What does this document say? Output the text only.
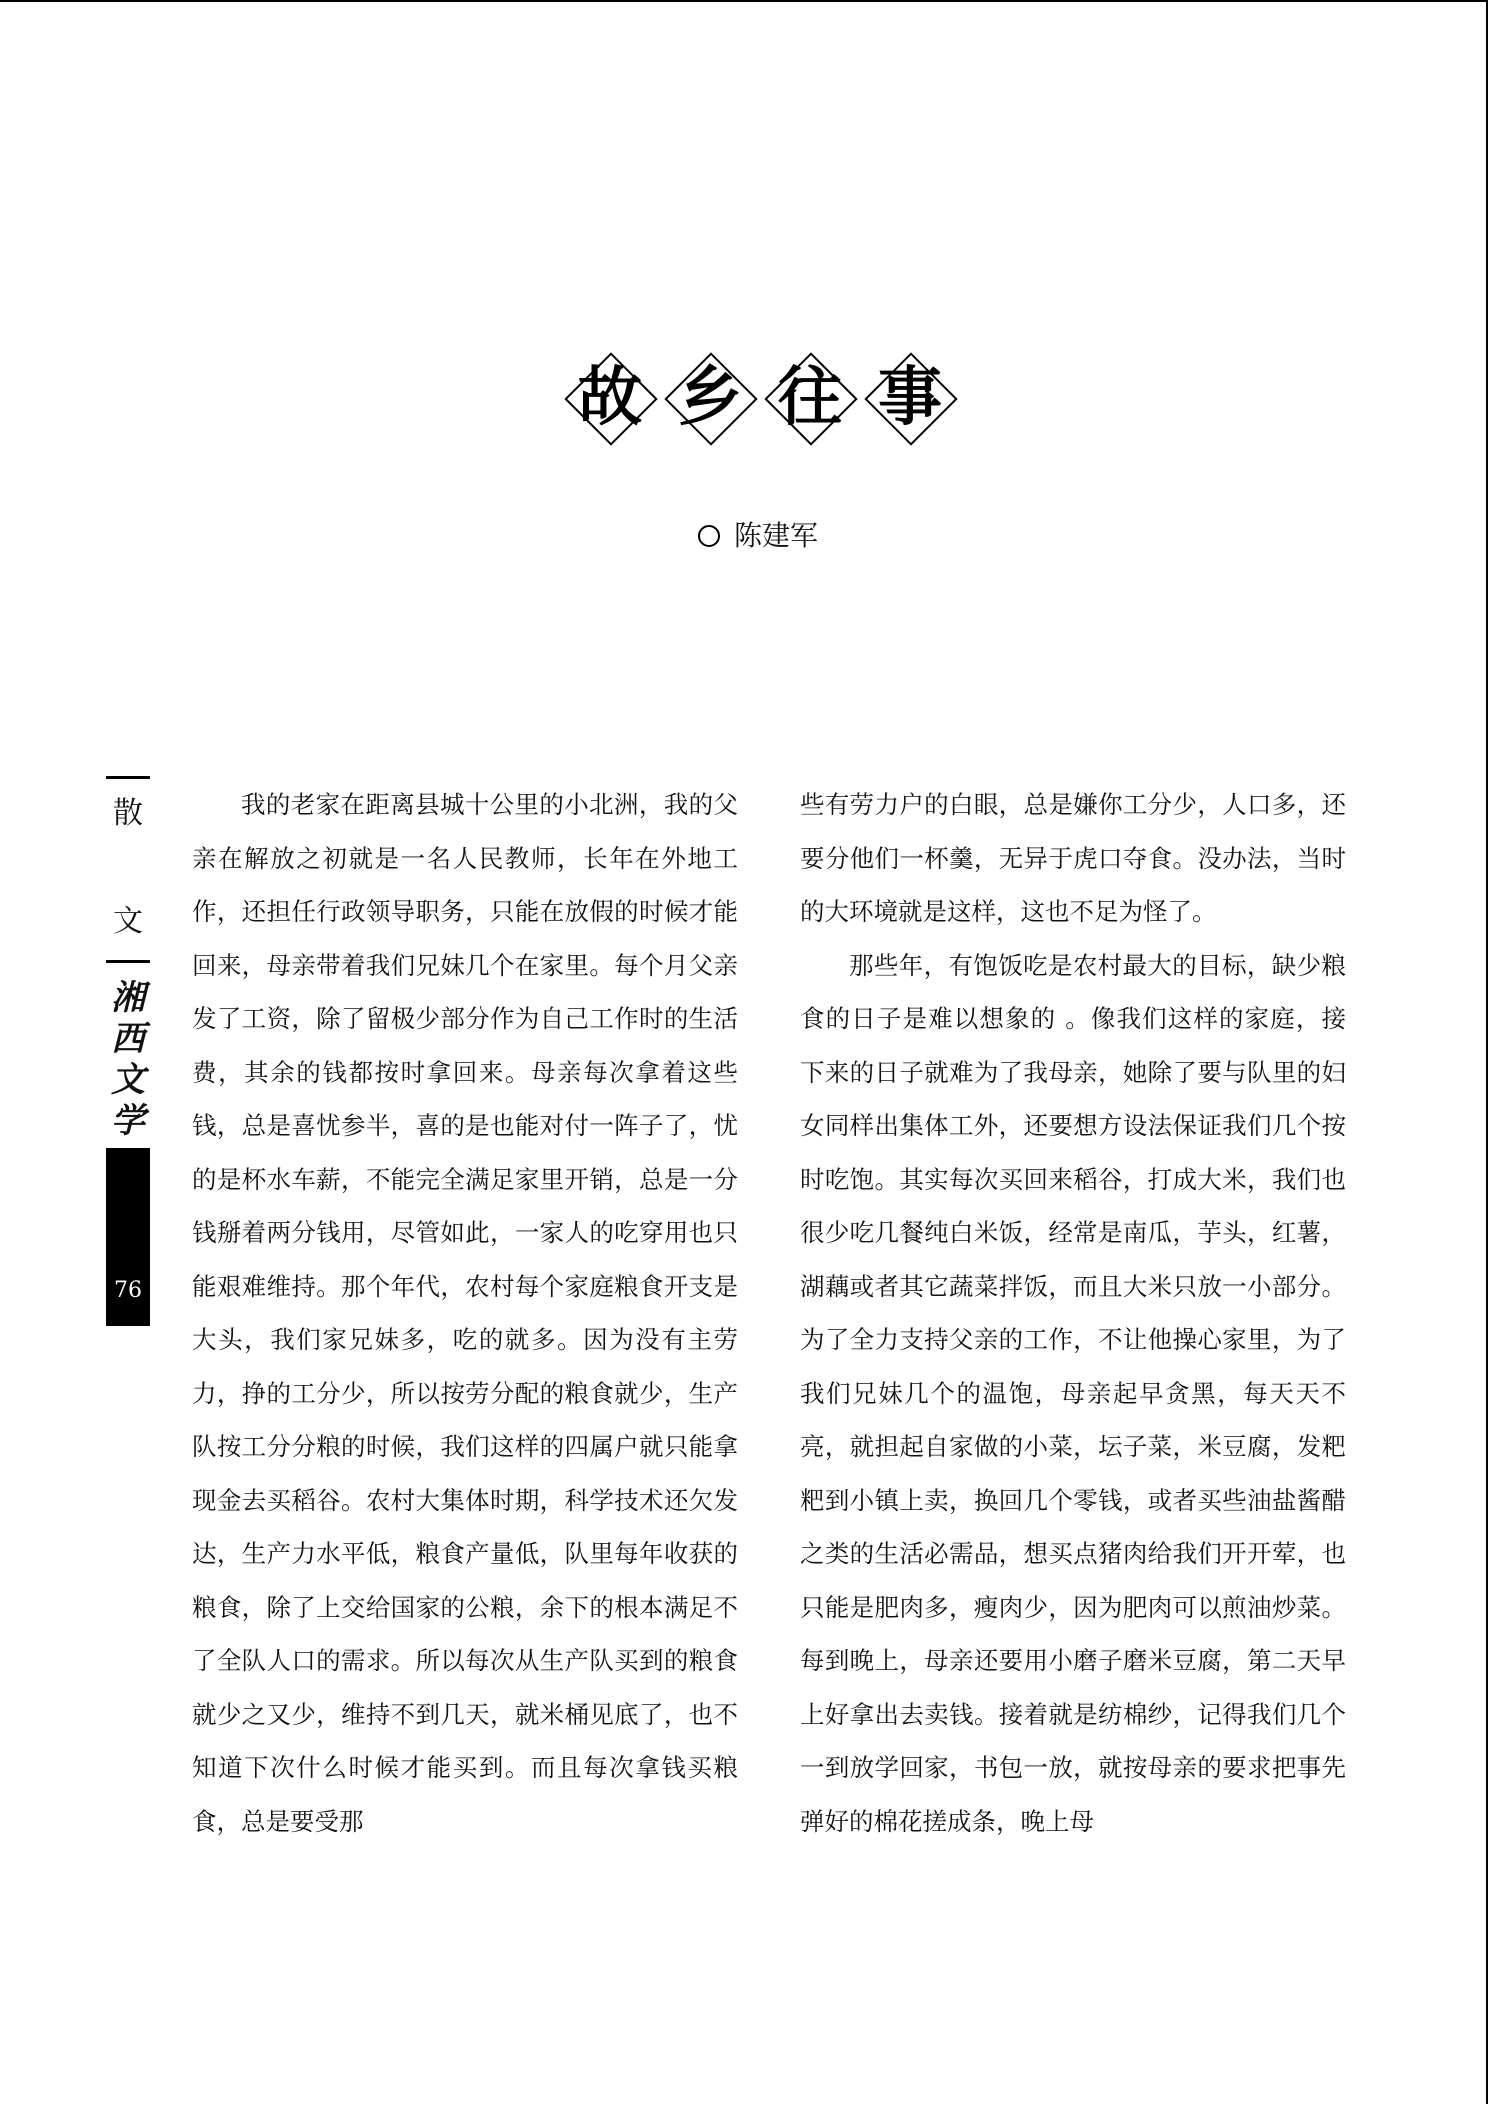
故 乡 往 事
陈建军
散
文
湘
西
文
学
76

我的老家在距离县城十公里的小北洲，我的父亲在解放之初就是一名人民教师，长年在外地工作，还担任行政领导职务，只能在放假的时候才能回来，母亲带着我们兄妹几个在家里。每个月父亲发了工资，除了留极少部分作为自己工作时的生活费，其余的钱都按时拿回来。母亲每次拿着这些钱，总是喜忧参半，喜的是也能对付一阵子了，忧的是杯水车薪，不能完全满足家里开销，总是一分钱掰着两分钱用，尽管如此，一家人的吃穿用也只能艰难维持。那个年代，农村每个家庭粮食开支是大头，我们家兄妹多，吃的就多。因为没有主劳力，挣的工分少，所以按劳分配的粮食就少，生产队按工分分粮的时候，我们这样的四属户就只能拿现金去买稻谷。农村大集体时期，科学技术还欠发达，生产力水平低，粮食产量低，队里每年收获的粮食，除了上交给国家的公粮，余下的根本满足不了全队人口的需求。所以每次从生产队买到的粮食就少之又少，维持不到几天，就米桶见底了，也不知道下次什么时候才能买到。而且每次拿钱买粮食，总是要受那

些有劳力户的白眼，总是嫌你工分少，人口多，还要分他们一杯羹，无异于虎口夺食。没办法，当时的大环境就是这样，这也不足为怪了。

那些年，有饱饭吃是农村最大的目标，缺少粮食的日子是难以想象的 。像我们这样的家庭，接下来的日子就难为了我母亲，她除了要与队里的妇女同样出集体工外，还要想方设法保证我们几个按时吃饱。其实每次买回来稻谷，打成大米，我们也很少吃几餐纯白米饭，经常是南瓜，芋头，红薯，湖藕或者其它蔬菜拌饭，而且大米只放一小部分。为了全力支持父亲的工作，不让他操心家里，为了我们兄妹几个的温饱，母亲起早贪黑，每天天不亮，就担起自家做的小菜，坛子菜，米豆腐，发粑粑到小镇上卖，换回几个零钱，或者买些油盐酱醋之类的生活必需品，想买点猪肉给我们开开荤，也只能是肥肉多，瘦肉少，因为肥肉可以煎油炒菜。每到晚上，母亲还要用小磨子磨米豆腐，第二天早上好拿出去卖钱。接着就是纺棉纱，记得我们几个一到放学回家，书包一放，就按母亲的要求把事先弹好的棉花搓成条，晚上母
